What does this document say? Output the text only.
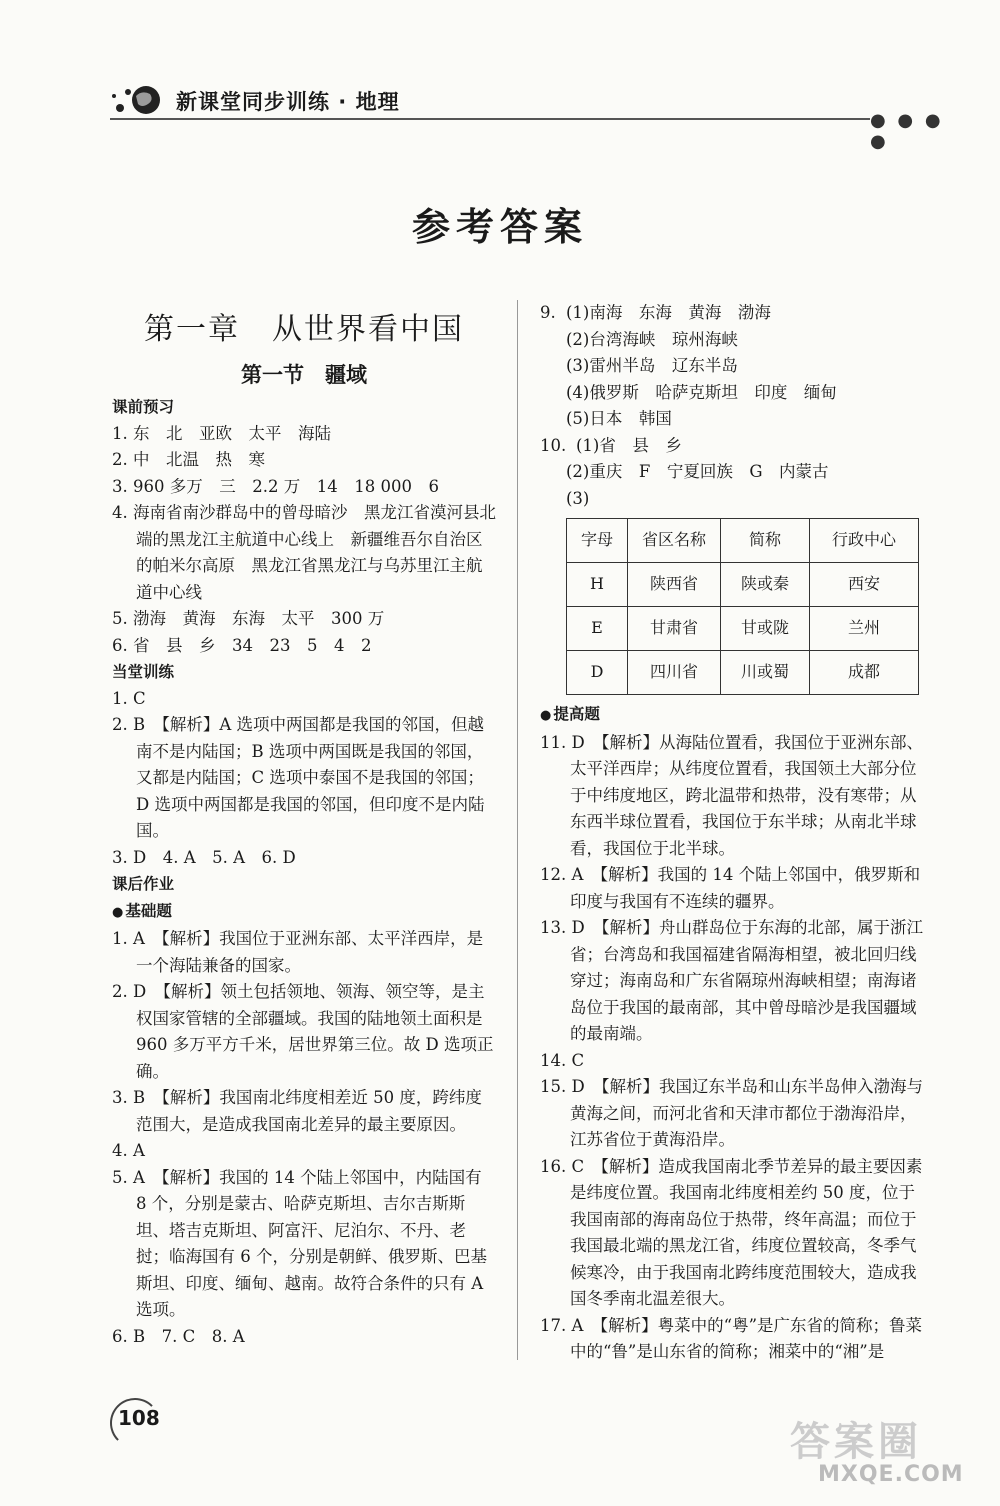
新课堂同步训练 · 地理
● ● ● ●
参考答案
第一章　从世界看中国
第一节　疆域
课前预习
1. 东　北　亚欧　太平　海陆
2. 中　北温　热　寒
3. 960 多万　三　2.2 万　14　18 000　6
4. 海南省南沙群岛中的曾母暗沙　黑龙江省漠河县北端的黑龙江主航道中心线上　新疆维吾尔自治区的帕米尔高原　黑龙江省黑龙江与乌苏里江主航道中心线
5. 渤海　黄海　东海　太平　300 万
6. 省　县　乡　34　23　5　4　2
当堂训练
1. C
2. B　【解析】A 选项中两国都是我国的邻国，但越南不是内陆国；B 选项中两国既是我国的邻国，又都是内陆国；C 选项中泰国不是我国的邻国；D 选项中两国都是我国的邻国，但印度不是内陆国。
3. D　4. A　5. A　6. D
课后作业
● 基础题
1. A　【解析】我国位于亚洲东部、太平洋西岸，是一个海陆兼备的国家。
2. D　【解析】领土包括领地、领海、领空等，是主权国家管辖的全部疆域。我国的陆地领土面积是 960 多万平方千米，居世界第三位。故 D 选项正确。
3. B　【解析】我国南北纬度相差近 50 度，跨纬度范围大，是造成我国南北差异的最主要原因。
4. A
5. A　【解析】我国的 14 个陆上邻国中，内陆国有 8 个，分别是蒙古、哈萨克斯坦、吉尔吉斯斯坦、塔吉克斯坦、阿富汗、尼泊尔、不丹、老挝；临海国有 6 个，分别是朝鲜、俄罗斯、巴基斯坦、印度、缅甸、越南。故符合条件的只有 A 选项。
6. B　7. C　8. A
9. (1)南海　东海　黄海　渤海
(2)台湾海峡　琼州海峡
(3)雷州半岛　辽东半岛
(4)俄罗斯　哈萨克斯坦　印度　缅甸
(5)日本　韩国
10. (1)省　县　乡
(2)重庆　F　宁夏回族　G　内蒙古
(3)
字母	省区名称	简称	行政中心
H	陕西省	陕或秦	西安
E	甘肃省	甘或陇	兰州
D	四川省	川或蜀	成都
● 提高题
11. D　【解析】从海陆位置看，我国位于亚洲东部、太平洋西岸；从纬度位置看，我国领土大部分位于中纬度地区，跨北温带和热带，没有寒带；从东西半球位置看，我国位于东半球；从南北半球看，我国位于北半球。
12. A　【解析】我国的 14 个陆上邻国中，俄罗斯和印度与我国有不连续的疆界。
13. D　【解析】舟山群岛位于东海的北部，属于浙江省；台湾岛和我国福建省隔海相望，被北回归线穿过；海南岛和广东省隔琼州海峡相望；南海诸岛位于我国的最南部，其中曾母暗沙是我国疆域的最南端。
14. C
15. D　【解析】我国辽东半岛和山东半岛伸入渤海与黄海之间，而河北省和天津市都位于渤海沿岸，江苏省位于黄海沿岸。
16. C　【解析】造成我国南北季节差异的最主要因素是纬度位置。我国南北纬度相差约 50 度，位于我国南部的海南岛位于热带，终年高温；而位于我国最北端的黑龙江省，纬度位置较高，冬季气候寒冷，由于我国南北跨纬度范围较大，造成我国冬季南北温差很大。
17. A　【解析】粤菜中的“粤”是广东省的简称；鲁菜中的“鲁”是山东省的简称；湘菜中的“湘”是
108
答案圈
MXQE.COM
